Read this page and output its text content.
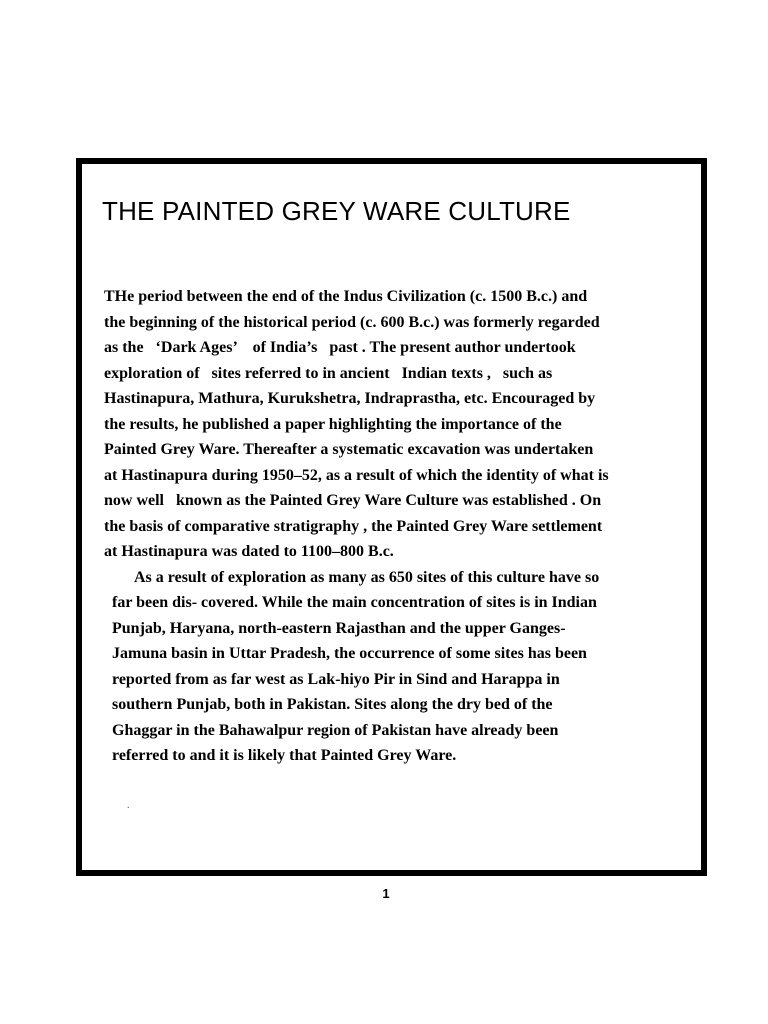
THE PAINTED GREY WARE CULTURE
THe period between the end of the Indus Civilization (c. 1500 B.c.) and
the beginning of the historical period (c. 600 B.c.) was formerly regarded
as the   ‘Dark Ages’    of India’s   past . The present author undertook
exploration of   sites referred to in ancient   Indian texts ,   such as
Hastinapura, Mathura, Kurukshetra, Indraprastha, etc. Encouraged by
the results, he published a paper highlighting the importance of the
Painted Grey Ware. Thereafter a systematic excavation was undertaken
at Hastinapura during 1950–52, as a result of which the identity of what is
now well   known as the Painted Grey Ware Culture was established . On
the basis of comparative stratigraphy , the Painted Grey Ware settlement
at Hastinapura was dated to 1100–800 B.c.
As a result of exploration as many as 650 sites of this culture have so
far been dis- covered. While the main concentration of sites is in Indian
Punjab, Haryana, north-eastern Rajasthan and the upper Ganges-
Jamuna basin in Uttar Pradesh, the occurrence of some sites has been
reported from as far west as Lak-hiyo Pir in Sind and Harappa in
southern Punjab, both in Pakistan. Sites along the dry bed of the
Ghaggar in the Bahawalpur region of Pakistan have already been
referred to and it is likely that Painted Grey Ware.
.
1
